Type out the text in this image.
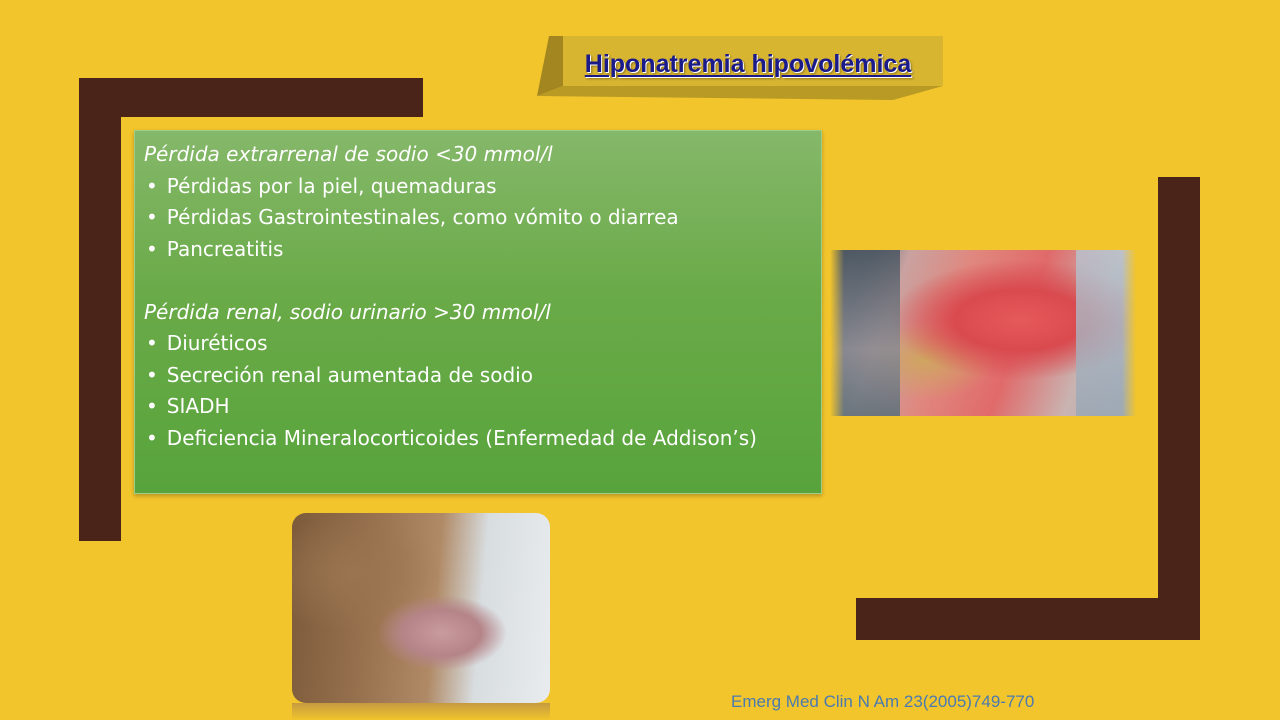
Hiponatremia hipovolémica
Pérdida extrarrenal de sodio <30 mmol/l
• Pérdidas por la piel, quemaduras
• Pérdidas Gastrointestinales, como vómito o diarrea
• Pancreatitis
Pérdida renal, sodio urinario >30 mmol/l
• Diuréticos
• Secreción renal aumentada de sodio
• SIADH
• Deficiencia Mineralocorticoides (Enfermedad de Addison’s)
Emerg Med Clin N Am 23(2005)749-770
